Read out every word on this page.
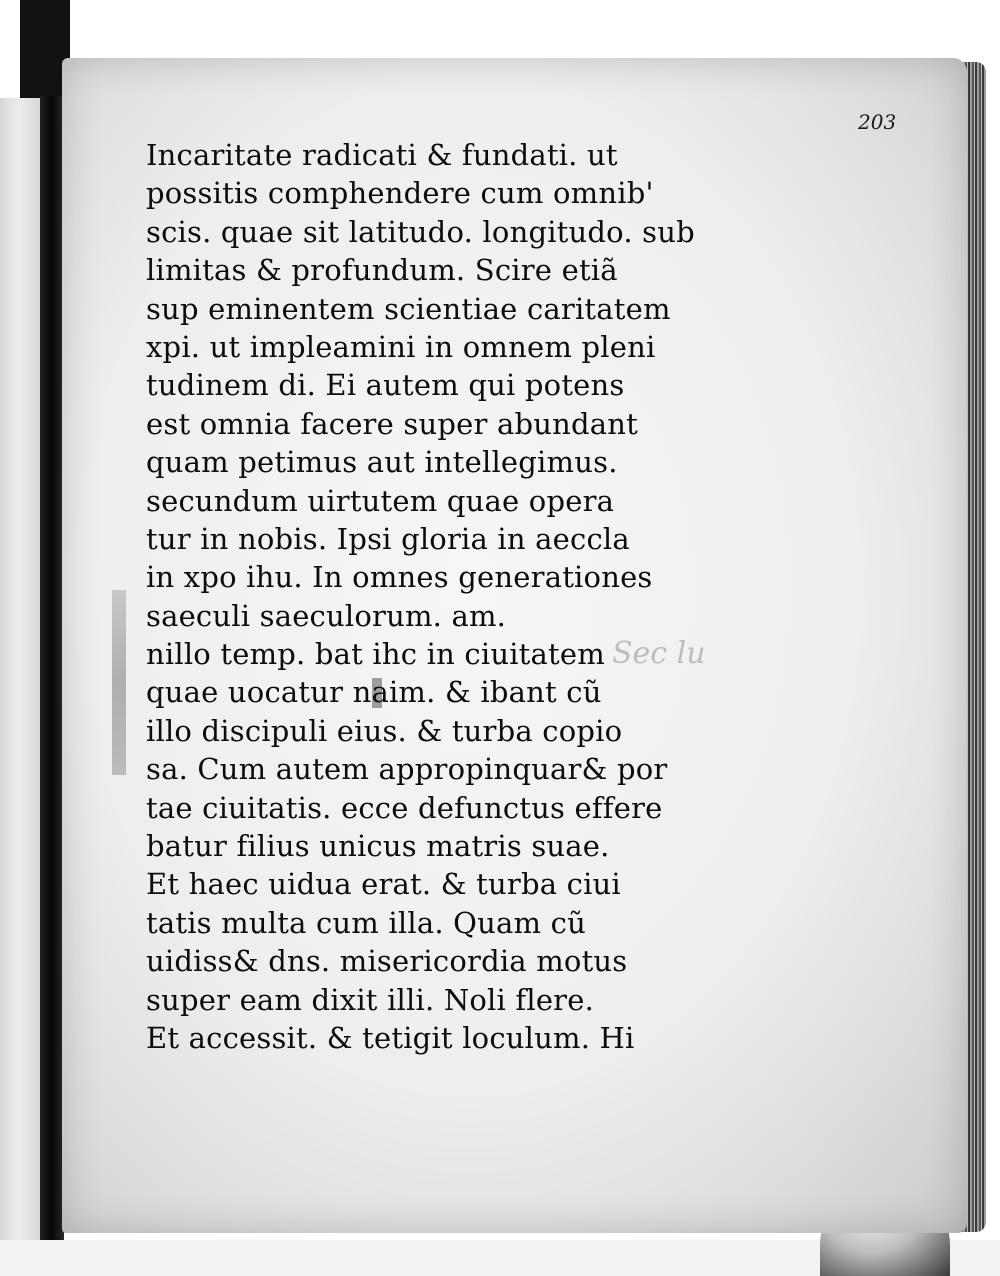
203
Sec lu
Incaritate radicati & fundati. ut
possitis comphendere cum omnib'
scis. quae sit latitudo. longitudo. sub
limitas & profundum. Scire etiã
sup eminentem scientiae caritatem
xpi. ut impleamini in omnem pleni
tudinem di. Ei autem qui potens
est omnia facere super abundant
quam petimus aut intellegimus.
secundum uirtutem quae opera
tur in nobis. Ipsi gloria in aeccla
in xpo ihu. In omnes generationes
saeculi saeculorum. am.
nillo temp. bat ihc in ciuitatem
quae uocatur naim. & ibant cũ
illo discipuli eius. & turba copio
sa. Cum autem appropinquar& por
tae ciuitatis. ecce defunctus effere
batur filius unicus matris suae.
Et haec uidua erat. & turba ciui
tatis multa cum illa. Quam cũ
uidiss& dns. misericordia motus
super eam dixit illi. Noli flere.
Et accessit. & tetigit loculum. Hi
